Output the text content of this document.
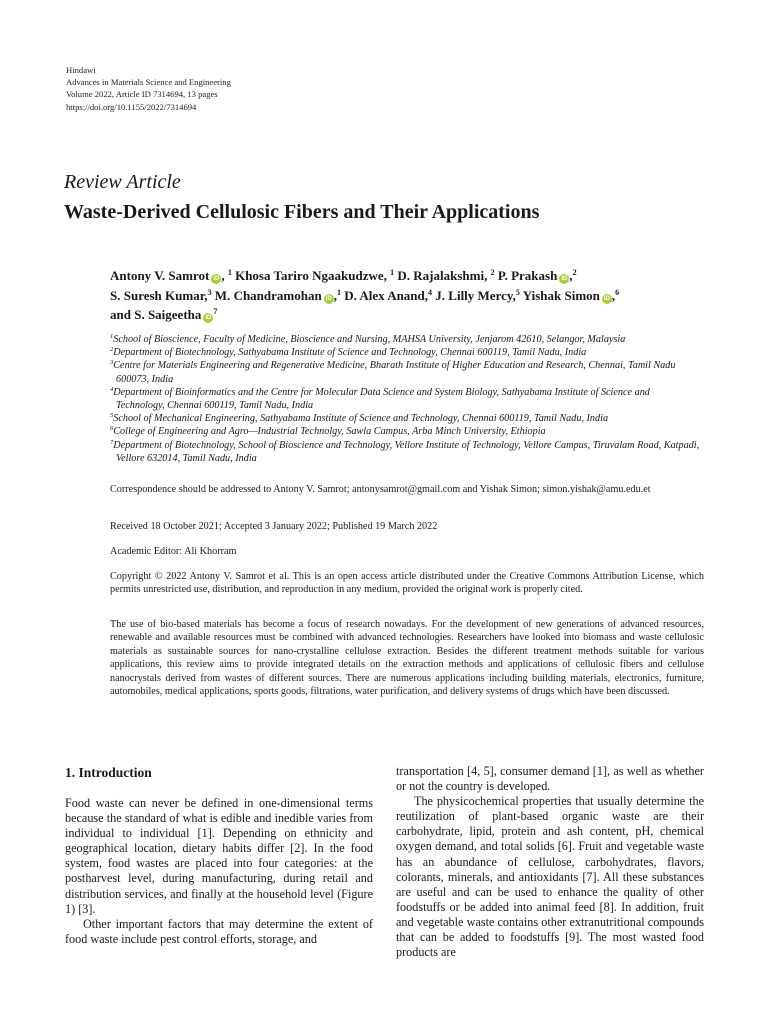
Hindawi
Advances in Materials Science and Engineering
Volume 2022, Article ID 7314694, 13 pages
https://doi.org/10.1155/2022/7314694
Review Article
Waste-Derived Cellulosic Fibers and Their Applications
Antony V. Samrot iD , $^1$ Khosa Tariro Ngaakudzwe, $^1$ D. Rajalakshmi, $^2$ P. Prakash iD ,$^2$
S. Suresh Kumar,$^3$ M. Chandramohan iD ,$^1$ D. Alex Anand,$^4$ J. Lilly Mercy,$^5$ Yishak Simon iD ,$^6$
and S. Saigeetha $iD^7$
$^1$School of Bioscience, Faculty of Medicine, Bioscience and Nursing, MAHSA University, Jenjarom 42610, Selangor, Malaysia
$^2$Department of Biotechnology, Sathyabama Institute of Science and Technology, Chennai 600119, Tamil Nadu, India
$^3$Centre for Materials Engineering and Regenerative Medicine, Bharath Institute of Higher Education and Research, Chennai, Tamil Nadu 600073, India
$^4$Department of Bioinformatics and the Centre for Molecular Data Science and System Biology, Sathyabama Institute of Science and Technology, Chennai 600119, Tamil Nadu, India
$^5$School of Mechanical Engineering, Sathyabama Institute of Science and Technology, Chennai 600119, Tamil Nadu, India
$^6$College of Engineering and Agro—Industrial Technolgy, Sawla Campus, Arba Minch University, Ethiopia
$^7$Department of Biotechnology, School of Bioscience and Technology, Vellore Institute of Technology, Vellore Campus, Tiruvalam Road, Katpadi, Vellore 632014, Tamil Nadu, India
Correspondence should be addressed to Antony V. Samrot; antonysamrot@gmail.com and Yishak Simon; simon.yishak@amu.edu.et
Received 18 October 2021; Accepted 3 January 2022; Published 19 March 2022
Academic Editor: Ali Khorram
Copyright © 2022 Antony V. Samrot et al. This is an open access article distributed under the Creative Commons Attribution License, which permits unrestricted use, distribution, and reproduction in any medium, provided the original work is properly cited.
The use of bio-based materials has become a focus of research nowadays. For the development of new generations of advanced resources, renewable and available resources must be combined with advanced technologies. Researchers have looked into biomass and waste cellulosic materials as sustainable sources for nano-crystalline cellulose extraction. Besides the different treatment methods suitable for various applications, this review aims to provide integrated details on the extraction methods and applications of cellulosic fibers and cellulose nanocrystals derived from wastes of different sources. There are numerous applications including building materials, electronics, furniture, automobiles, medical applications, sports goods, filtrations, water purification, and delivery systems of drugs which have been discussed.
1. Introduction

Food waste can never be defined in one-dimensional terms because the standard of what is edible and inedible varies from individual to individual [1]. Depending on ethnicity and geographical location, dietary habits differ [2]. In the food system, food wastes are placed into four categories: at the postharvest level, during manufacturing, during retail and distribution services, and finally at the household level (Figure 1) [3].

Other important factors that may determine the extent of food waste include pest control efforts, storage, and

transportation [4, 5], consumer demand [1], as well as whether or not the country is developed.

The physicochemical properties that usually determine the reutilization of plant-based organic waste are their carbohydrate, lipid, protein and ash content, pH, chemical oxygen demand, and total solids [6]. Fruit and vegetable waste has an abundance of cellulose, carbohydrates, flavors, colorants, minerals, and antioxidants [7]. All these substances are useful and can be used to enhance the quality of other foodstuffs or be added into animal feed [8]. In addition, fruit and vegetable waste contains other extranutritional compounds that can be added to foodstuffs [9]. The most wasted food products are
